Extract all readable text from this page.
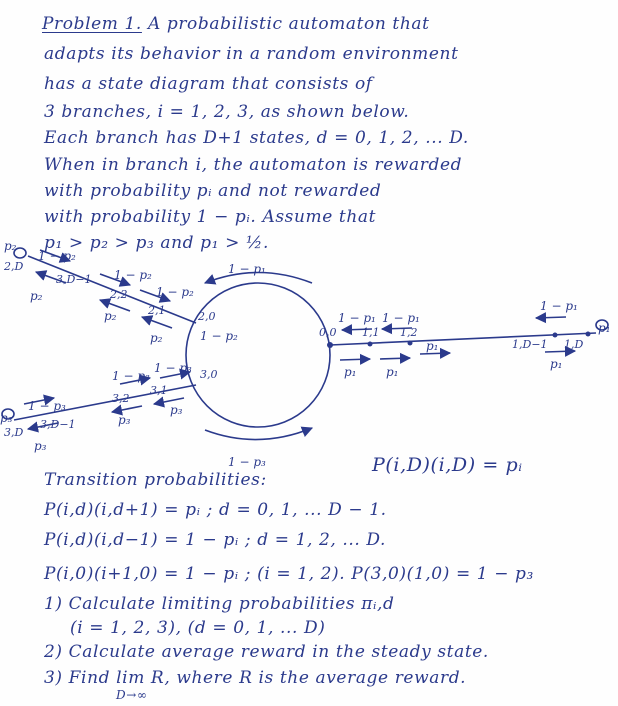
Problem 1. A probabilistic automaton that
adapts its behavior in a random environment
has a state diagram that consists of
3 branches, i = 1, 2, 3, as shown below.
Each branch has D+1 states, d = 0, 1, 2, ... D.
When in branch i, the automaton is rewarded
with probability pᵢ and not rewarded
with probability 1 − pᵢ. Assume that
p₁ > p₂ > p₃ and p₁ > ½.
1 − p₁
1 − p₃
0,0 1,1 1,2
1 − p₁ 1 − p₁
p₁ p₁
p₁	1,D−1 1,D
1 − p₁
p₁
p₁
2,0
2,1
2,2
1 − p₂
1 − p₂
1 − p₂
p₂
p₂
2,D
3,D−1
1 − p₂
p₂
p₂
3,0
3,1
3,2
1 − p₃
1 − p₃
p₃
p₃
3,D
3,D−1
1 − p₃
p₃
p₃
Transition probabilities:
P(i,D)(i,D) = pᵢ
P(i,d)(i,d+1) = pᵢ ; d = 0, 1, ... D − 1.
P(i,d)(i,d−1) = 1 − pᵢ ; d = 1, 2, ... D.
P(i,0)(i+1,0) = 1 − pᵢ ; (i = 1, 2). P(3,0)(1,0) = 1 − p₃
1) Calculate limiting probabilities πᵢ,d
(i = 1, 2, 3), (d = 0, 1, ... D)
2) Calculate average reward in the steady state.
3) Find lim R, where R is the average reward.
D→∞
